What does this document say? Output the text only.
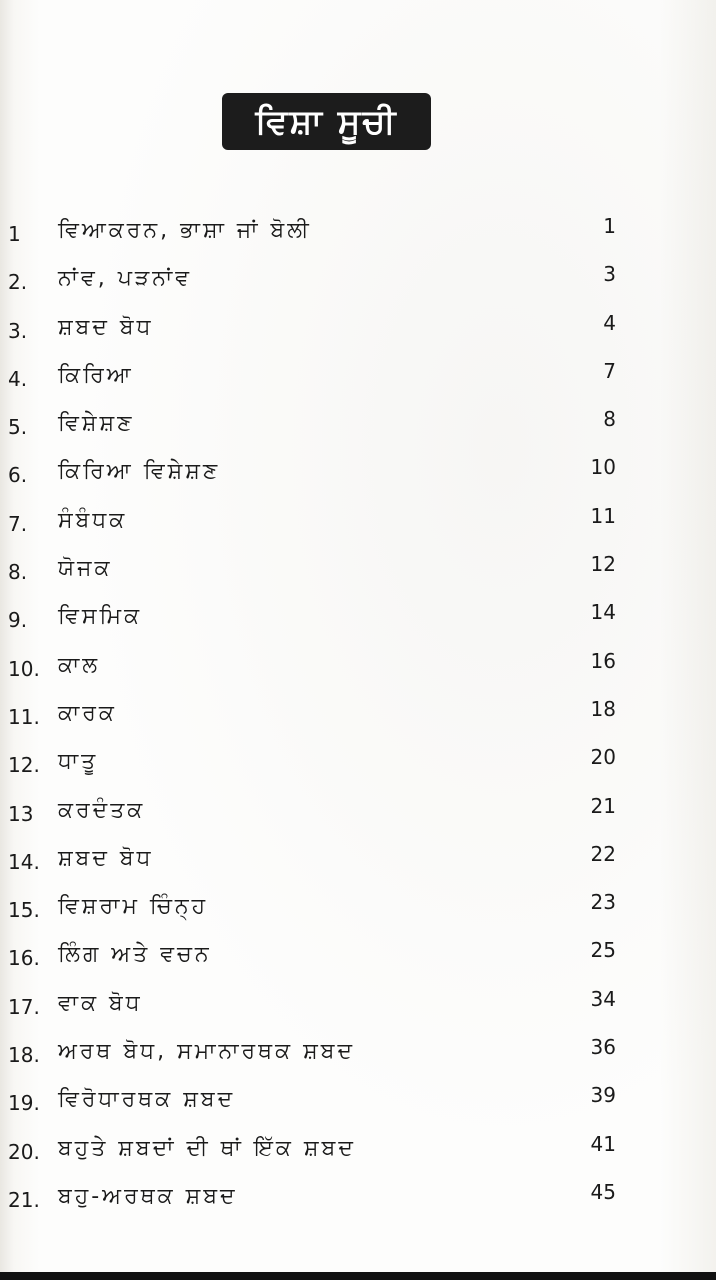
ਵਿਸ਼ਾ ਸੂਚੀ
1 ਵਿਆਕਰਨ, ਭਾਸ਼ਾ ਜਾਂ ਬੋਲੀ	1
2. ਨਾਂਵ, ਪੜਨਾਂਵ	3
3. ਸ਼ਬਦ ਬੋਧ	4
4. ਕਿਰਿਆ	7
5. ਵਿਸ਼ੇਸ਼ਣ	8
6. ਕਿਰਿਆ ਵਿਸ਼ੇਸ਼ਣ	10
7. ਸੰਬੰਧਕ	11
8. ਯੋਜਕ	12
9. ਵਿਸਮਿਕ	14
10. ਕਾਲ	16
11. ਕਾਰਕ	18
12. ਧਾਤੂ	20
13 ਕਰਦੰਤਕ	21
14. ਸ਼ਬਦ ਬੋਧ	22
15. ਵਿਸ਼ਰਾਮ ਚਿੰਨ੍ਹ	23
16. ਲਿੰਗ ਅਤੇ ਵਚਨ	25
17. ਵਾਕ ਬੋਧ	34
18. ਅਰਥ ਬੋਧ, ਸਮਾਨਾਰਥਕ ਸ਼ਬਦ	36
19. ਵਿਰੋਧਾਰਥਕ ਸ਼ਬਦ	39
20. ਬਹੁਤੇ ਸ਼ਬਦਾਂ ਦੀ ਥਾਂ ਇੱਕ ਸ਼ਬਦ	41
21. ਬਹੁ-ਅਰਥਕ ਸ਼ਬਦ	45
